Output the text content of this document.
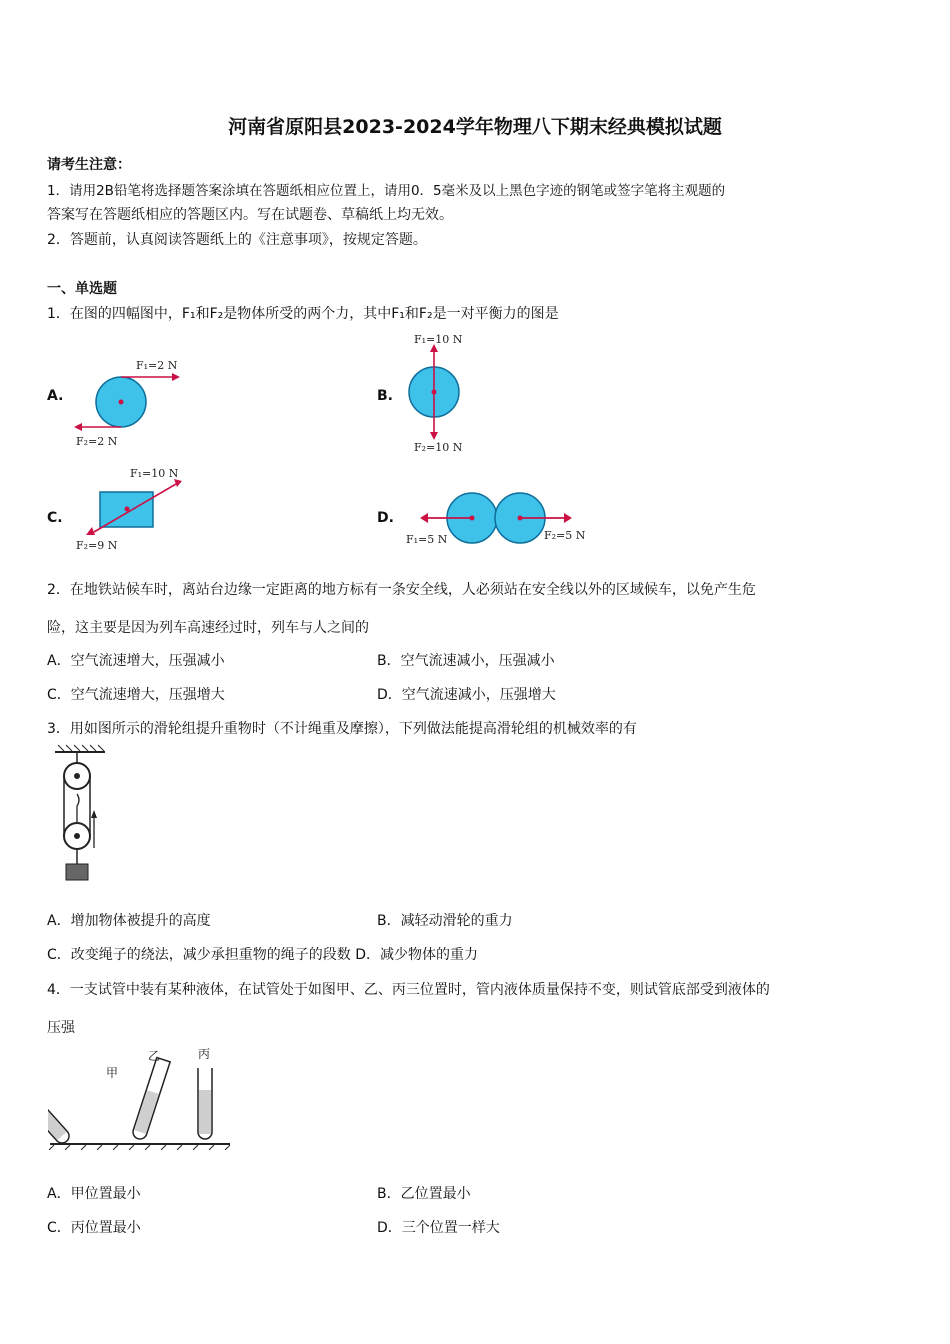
河南省原阳县2023-2024学年物理八下期末经典模拟试题
请考生注意：
1．请用2B铅笔将选择题答案涂填在答题纸相应位置上，请用0．5毫米及以上黑色字迹的钢笔或签字笔将主观题的
答案写在答题纸相应的答题区内。写在试题卷、草稿纸上均无效。
2．答题前，认真阅读答题纸上的《注意事项》，按规定答题。
一、单选题
1．在图的四幅图中，F₁和F₂是物体所受的两个力，其中F₁和F₂是一对平衡力的图是
A.
F₁=2 N
F₂=2 N
B.
F₁=10 N
F₂=10 N
C.
F₁=10 N
F₂=9 N
D.
F₁=5 N	F₂=5 N
2．在地铁站候车时，离站台边缘一定距离的地方标有一条安全线，人必须站在安全线以外的区域候车，以免产生危
险，这主要是因为列车高速经过时，列车与人之间的
A．空气流速增大，压强减小	B．空气流速减小，压强减小
C．空气流速增大，压强增大	D．空气流速减小，压强增大
3．用如图所示的滑轮组提升重物时（不计绳重及摩擦），下列做法能提高滑轮组的机械效率的有
A．增加物体被提升的高度	B．减轻动滑轮的重力
C．改变绳子的绕法，减少承担重物的绳子的段数 D．减少物体的重力
4．一支试管中装有某种液体，在试管处于如图甲、乙、丙三位置时，管内液体质量保持不变，则试管底部受到液体的
压强
甲
乙	丙
A．甲位置最小	B．乙位置最小
C．丙位置最小	D．三个位置一样大
